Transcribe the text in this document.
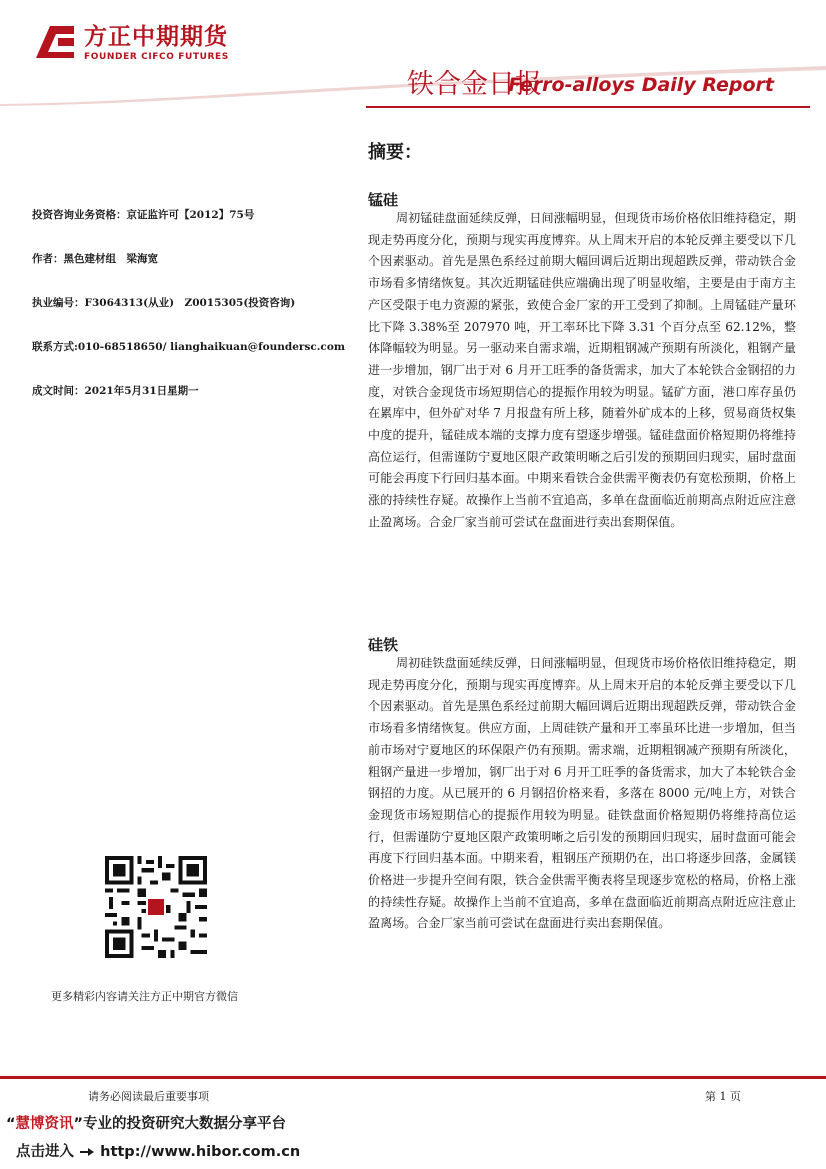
方正中期期货
FOUNDER CIFCO FUTURES
铁合金日报
Ferro-alloys Daily Report
投资咨询业务资格：京证监许可【2012】75号
作者：黑色建材组　梁海宽
执业编号：F3064313(从业)　Z0015305(投资咨询)
联系方式:010-68518650/ lianghaikuan@foundersc.com
成文时间：2021年5月31日星期一
更多精彩内容请关注方正中期官方微信
摘要：
锰硅

周初锰硅盘面延续反弹，日间涨幅明显，但现货市场价格依旧维持稳定，期现走势再度分化，预期与现实再度博弈。从上周末开启的本轮反弹主要受以下几个因素驱动。首先是黑色系经过前期大幅回调后近期出现超跌反弹，带动铁合金市场看多情绪恢复。其次近期锰硅供应端确出现了明显收缩，主要是由于南方主产区受限于电力资源的紧张，致使合金厂家的开工受到了抑制。上周锰硅产量环比下降 3.38%至 207970 吨，开工率环比下降 3.31 个百分点至 62.12%，整体降幅较为明显。另一驱动来自需求端，近期粗钢减产预期有所淡化，粗钢产量进一步增加，钢厂出于对 6 月开工旺季的备货需求，加大了本轮铁合金钢招的力度，对铁合金现货市场短期信心的提振作用较为明显。锰矿方面，港口库存虽仍在累库中，但外矿对华 7 月报盘有所上移，随着外矿成本的上移，贸易商货权集中度的提升，锰硅成本端的支撑力度有望逐步增强。锰硅盘面价格短期仍将维持高位运行，但需谨防宁夏地区限产政策明晰之后引发的预期回归现实，届时盘面可能会再度下行回归基本面。中期来看铁合金供需平衡表仍有宽松预期，价格上涨的持续性存疑。故操作上当前不宜追高，多单在盘面临近前期高点附近应注意止盈离场。合金厂家当前可尝试在盘面进行卖出套期保值。

硅铁

周初硅铁盘面延续反弹，日间涨幅明显，但现货市场价格依旧维持稳定，期现走势再度分化，预期与现实再度博弈。从上周末开启的本轮反弹主要受以下几个因素驱动。首先是黑色系经过前期大幅回调后近期出现超跌反弹，带动铁合金市场看多情绪恢复。供应方面，上周硅铁产量和开工率虽环比进一步增加，但当前市场对宁夏地区的环保限产仍有预期。需求端，近期粗钢减产预期有所淡化，粗钢产量进一步增加，钢厂出于对 6 月开工旺季的备货需求，加大了本轮铁合金钢招的力度。从已展开的 6 月钢招价格来看，多落在 8000 元/吨上方，对铁合金现货市场短期信心的提振作用较为明显。硅铁盘面价格短期仍将维持高位运行，但需谨防宁夏地区限产政策明晰之后引发的预期回归现实，届时盘面可能会再度下行回归基本面。中期来看，粗钢压产预期仍在，出口将逐步回落，金属镁价格进一步提升空间有限，铁合金供需平衡表将呈现逐步宽松的格局，价格上涨的持续性存疑。故操作上当前不宜追高，多单在盘面临近前期高点附近应注意止盈离场。合金厂家当前可尝试在盘面进行卖出套期保值。

请务必阅读最后重要事项	第 1 页
“慧博资讯”专业的投资研究大数据分享平台
点击进入 http://www.hibor.com.cn
